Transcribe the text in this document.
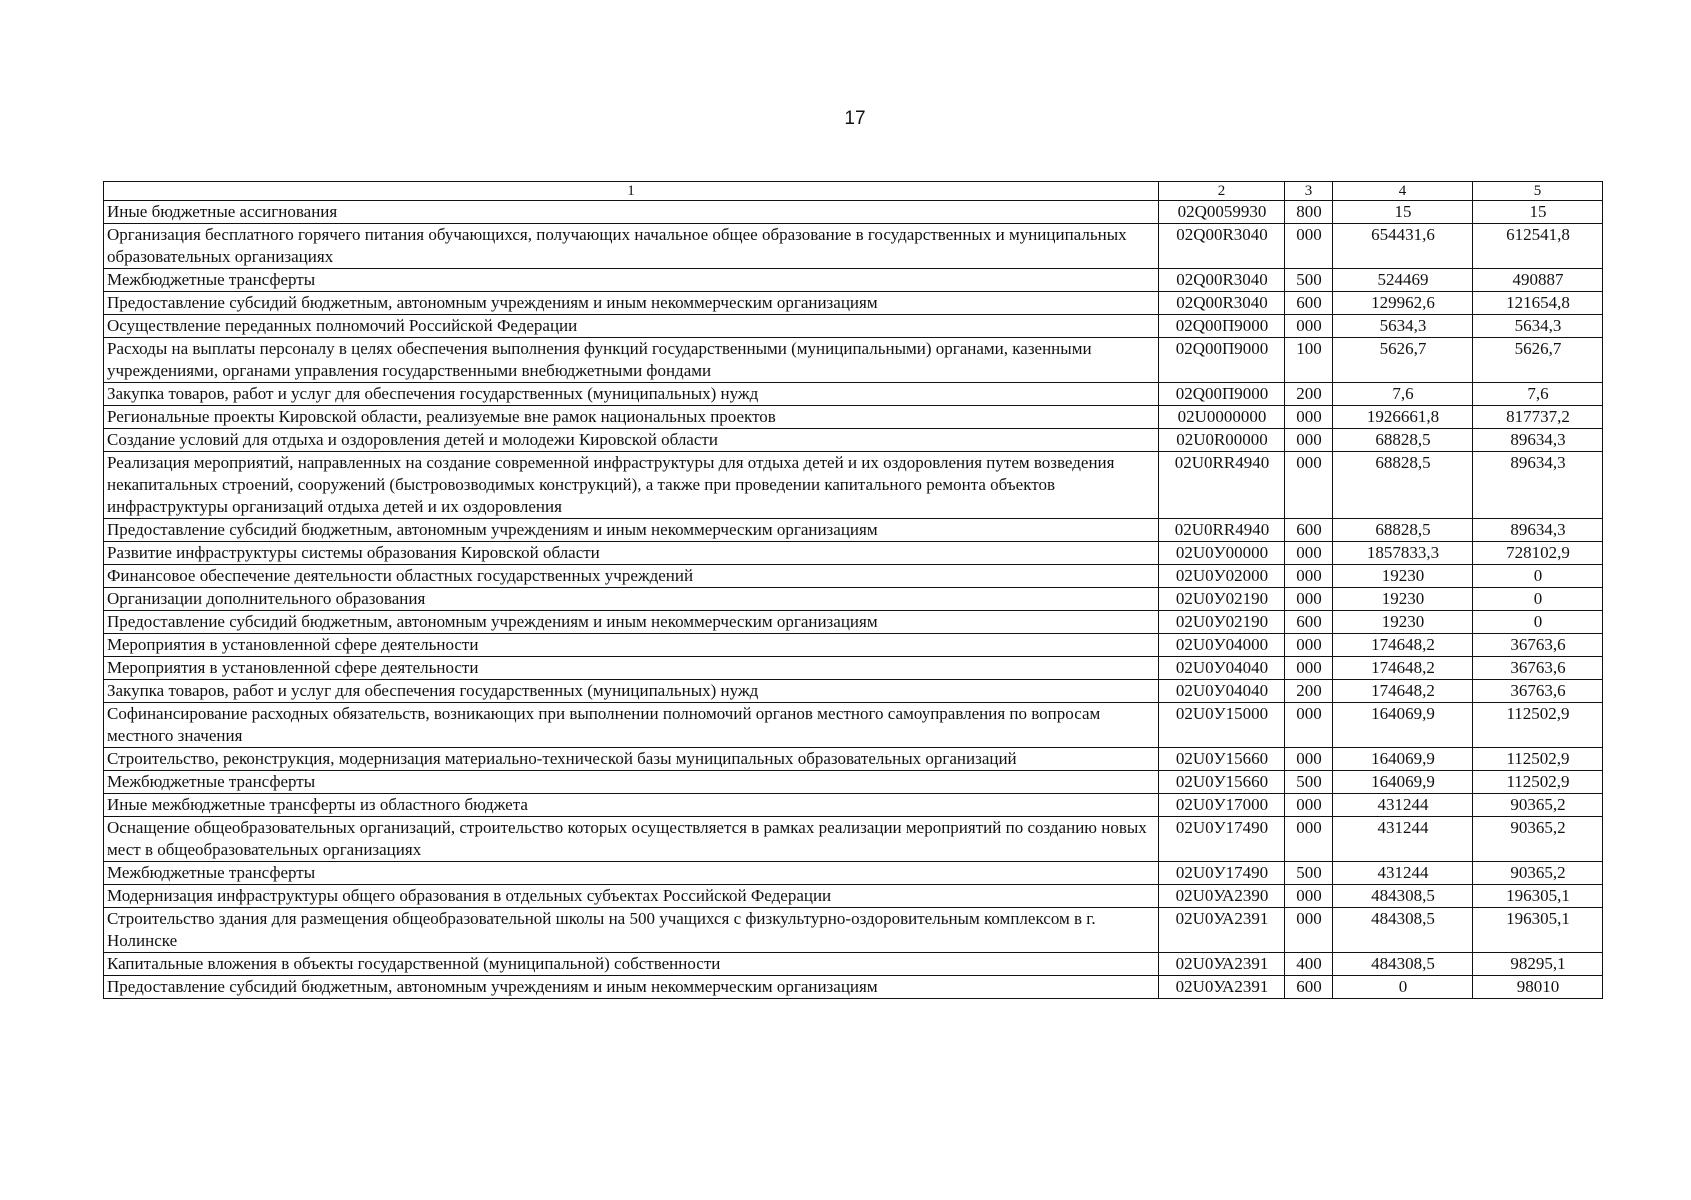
17
1	2	3	4	5
Иные бюджетные ассигнования	02Q0059930	800	15	15
Организация бесплатного горячего питания обучающихся, получающих начальное общее образование в государственных и муниципальных образовательных организациях	02Q00R3040	000	654431,6	612541,8
Межбюджетные трансферты	02Q00R3040	500	524469	490887
Предоставление субсидий бюджетным, автономным учреждениям и иным некоммерческим организациям	02Q00R3040	600	129962,6	121654,8
Осуществление переданных полномочий Российской Федерации	02Q00П9000	000	5634,3	5634,3
Расходы на выплаты персоналу в целях обеспечения выполнения функций государственными (муниципальными) органами, казенными учреждениями, органами управления государственными внебюджетными фондами	02Q00П9000	100	5626,7	5626,7
Закупка товаров, работ и услуг для обеспечения государственных (муниципальных) нужд	02Q00П9000	200	7,6	7,6
Региональные проекты Кировской области, реализуемые вне рамок национальных проектов	02U0000000	000	1926661,8	817737,2
Создание условий для отдыха и оздоровления детей и молодежи Кировской области	02U0R00000	000	68828,5	89634,3
Реализация мероприятий, направленных на создание современной инфраструктуры для отдыха детей и их оздоровления путем возведения некапитальных строений, сооружений (быстровозводимых конструкций), а также при проведении капитального ремонта объектов инфраструктуры организаций отдыха детей и их оздоровления	02U0RR4940	000	68828,5	89634,3
Предоставление субсидий бюджетным, автономным учреждениям и иным некоммерческим организациям	02U0RR4940	600	68828,5	89634,3
Развитие инфраструктуры системы образования Кировской области	02U0У00000	000	1857833,3	728102,9
Финансовое обеспечение деятельности областных государственных учреждений	02U0У02000	000	19230	0
Организации дополнительного образования	02U0У02190	000	19230	0
Предоставление субсидий бюджетным, автономным учреждениям и иным некоммерческим организациям	02U0У02190	600	19230	0
Мероприятия в установленной сфере деятельности	02U0У04000	000	174648,2	36763,6
Мероприятия в установленной сфере деятельности	02U0У04040	000	174648,2	36763,6
Закупка товаров, работ и услуг для обеспечения государственных (муниципальных) нужд	02U0У04040	200	174648,2	36763,6
Софинансирование расходных обязательств, возникающих при выполнении полномочий органов местного самоуправления по вопросам местного значения	02U0У15000	000	164069,9	112502,9
Строительство, реконструкция, модернизация материально-технической базы муниципальных образовательных организаций	02U0У15660	000	164069,9	112502,9
Межбюджетные трансферты	02U0У15660	500	164069,9	112502,9
Иные межбюджетные трансферты из областного бюджета	02U0У17000	000	431244	90365,2
Оснащение общеобразовательных организаций, строительство которых осуществляется в рамках реализации мероприятий по созданию новых мест в общеобразовательных организациях	02U0У17490	000	431244	90365,2
Межбюджетные трансферты	02U0У17490	500	431244	90365,2
Модернизация инфраструктуры общего образования в отдельных субъектах Российской Федерации	02U0УА2390	000	484308,5	196305,1
Строительство здания для размещения общеобразовательной школы на 500 учащихся с физкультурно-оздоровительным комплексом в г. Нолинске	02U0УА2391	000	484308,5	196305,1
Капитальные вложения в объекты государственной (муниципальной) собственности	02U0УА2391	400	484308,5	98295,1
Предоставление субсидий бюджетным, автономным учреждениям и иным некоммерческим организациям	02U0УА2391	600	0	98010
